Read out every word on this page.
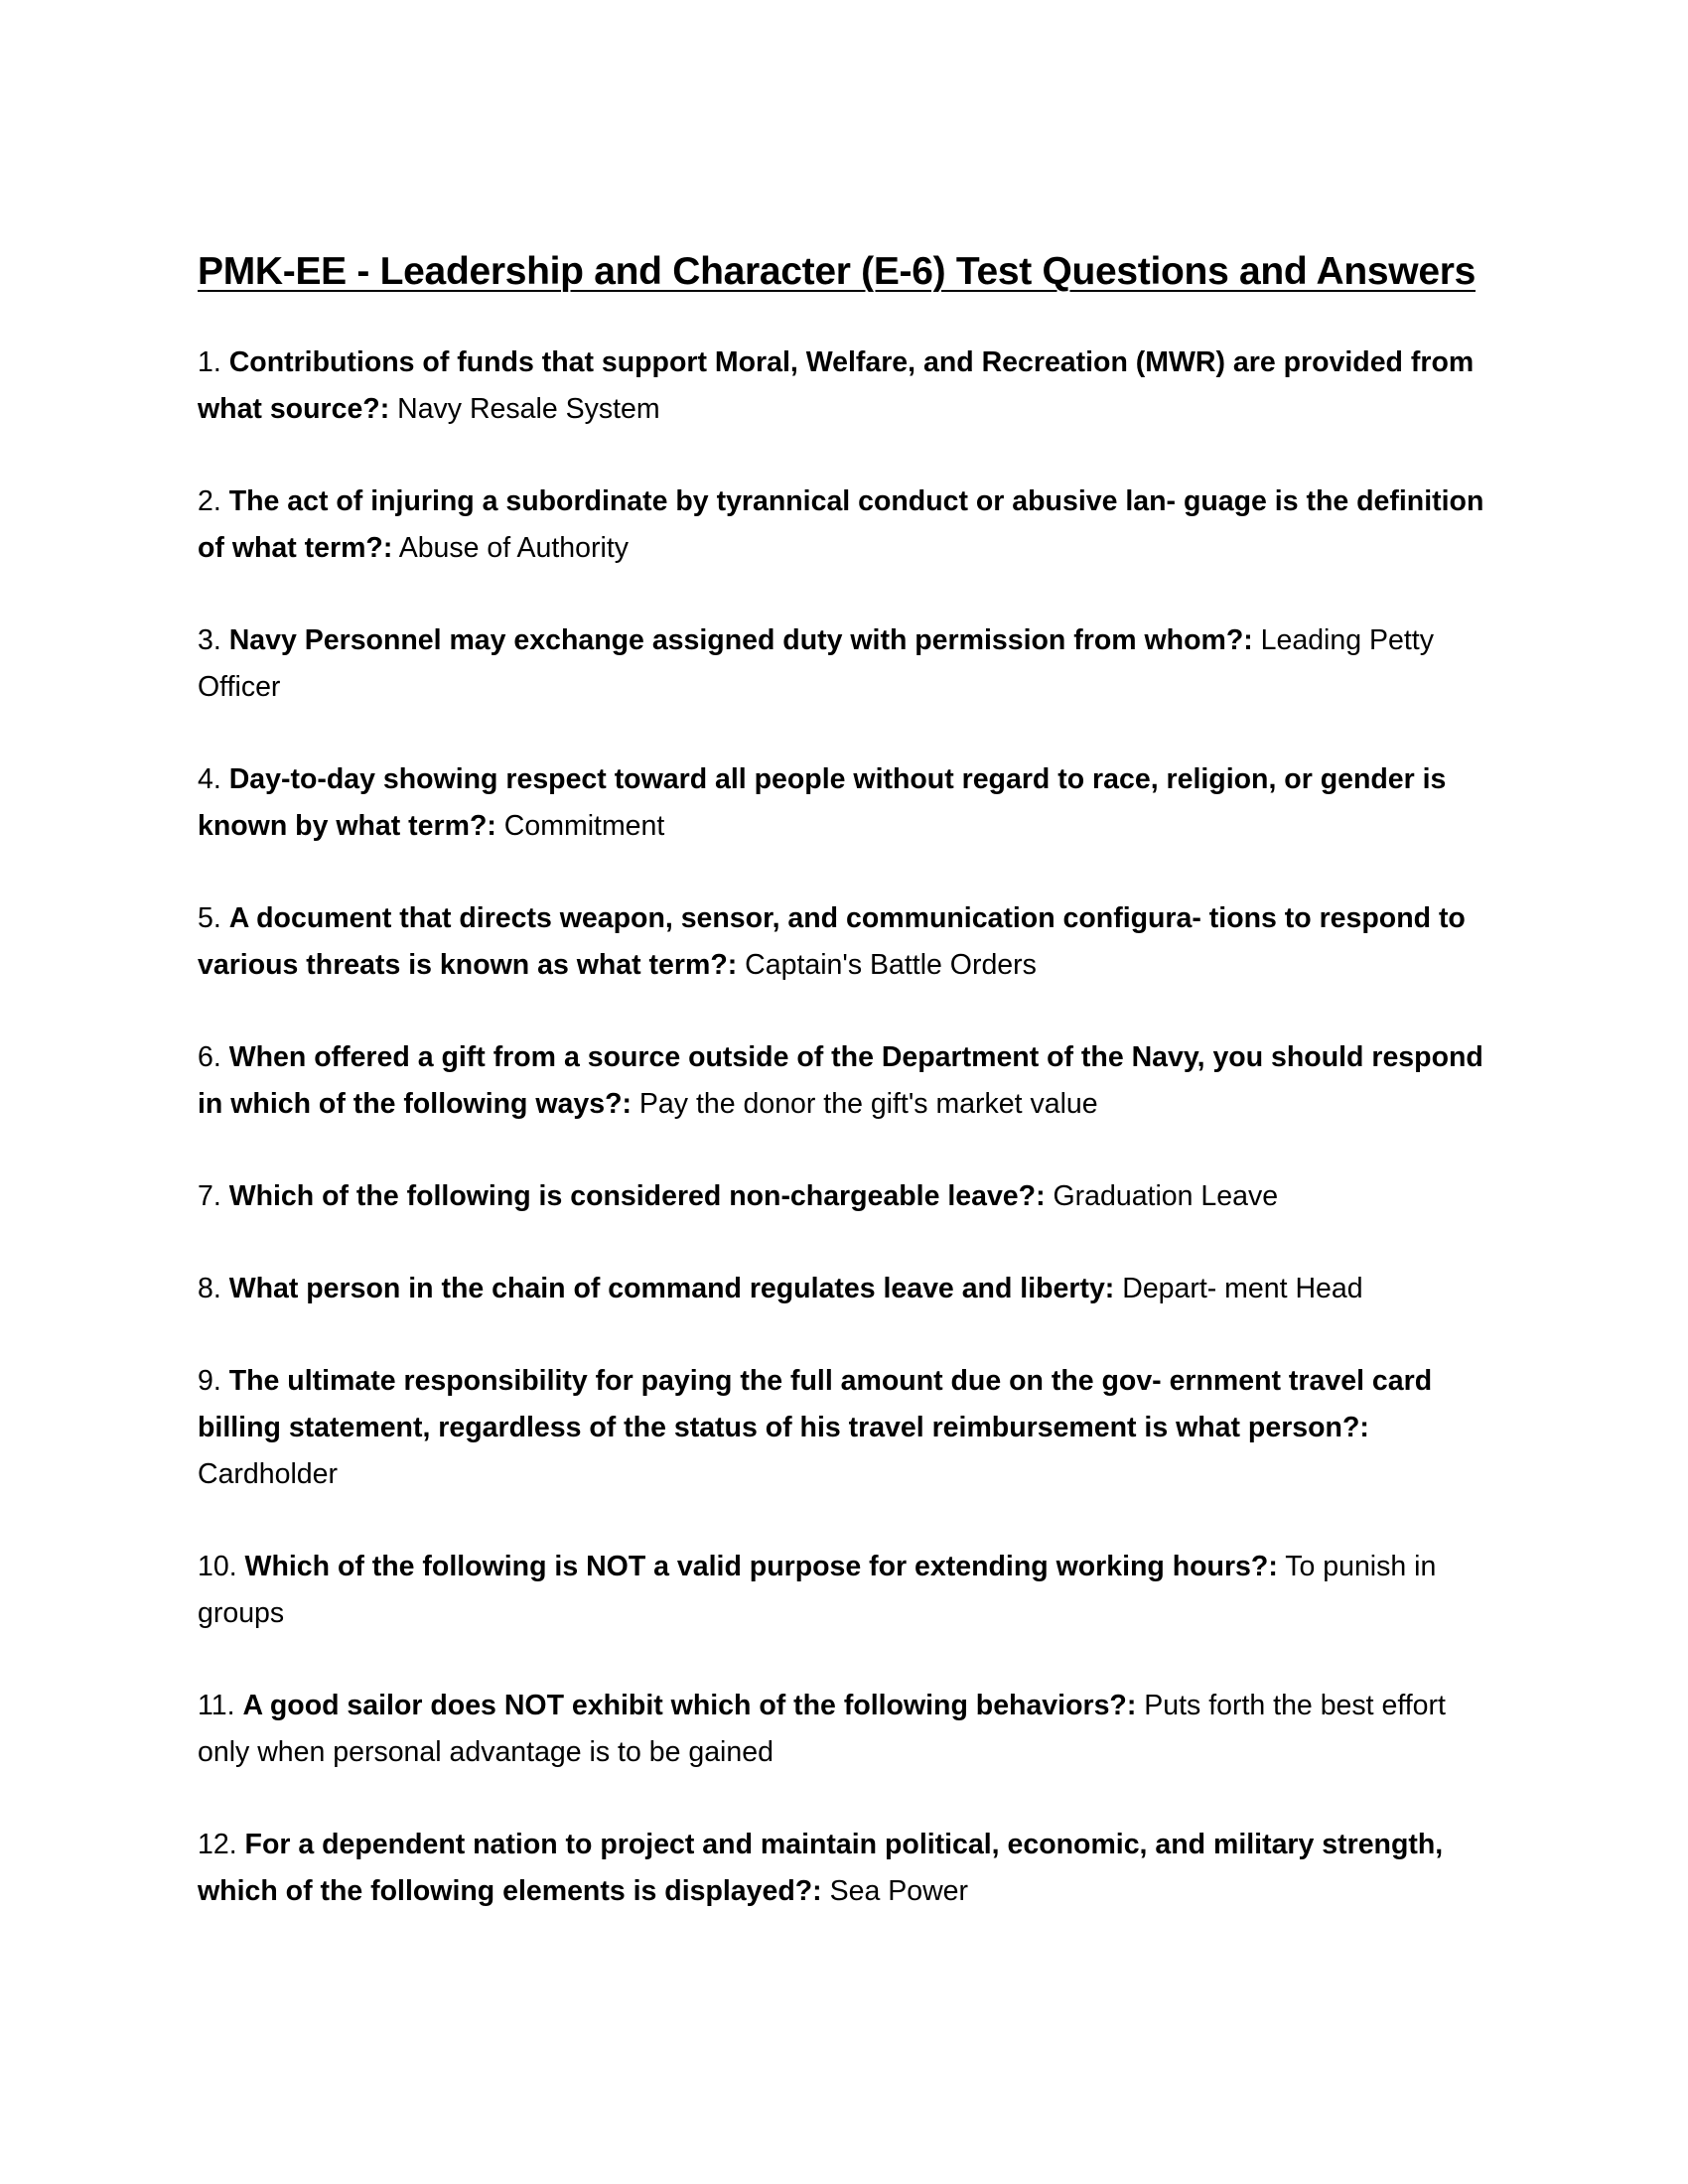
PMK-EE - Leadership and Character (E-6) Test Questions and Answers
1. Contributions of funds that support Moral, Welfare, and Recreation (MWR) are provided from what source?: Navy Resale System
2. The act of injuring a subordinate by tyrannical conduct or abusive lan- guage is the definition of what term?: Abuse of Authority
3. Navy Personnel may exchange assigned duty with permission from whom?: Leading Petty Officer
4. Day-to-day showing respect toward all people without regard to race, religion, or gender is known by what term?: Commitment
5. A document that directs weapon, sensor, and communication configura- tions to respond to various threats is known as what term?: Captain's Battle Orders
6. When offered a gift from a source outside of the Department of the Navy, you should respond in which of the following ways?: Pay the donor the gift's market value
7. Which of the following is considered non-chargeable leave?: Graduation Leave
8. What person in the chain of command regulates leave and liberty: Depart- ment Head
9. The ultimate responsibility for paying the full amount due on the gov- ernment travel card billing statement, regardless of the status of his travel reimbursement is what person?: Cardholder
10. Which of the following is NOT a valid purpose for extending working hours?: To punish in groups
11. A good sailor does NOT exhibit which of the following behaviors?: Puts forth the best effort only when personal advantage is to be gained
12. For a dependent nation to project and maintain political, economic, and military strength, which of the following elements is displayed?: Sea Power
